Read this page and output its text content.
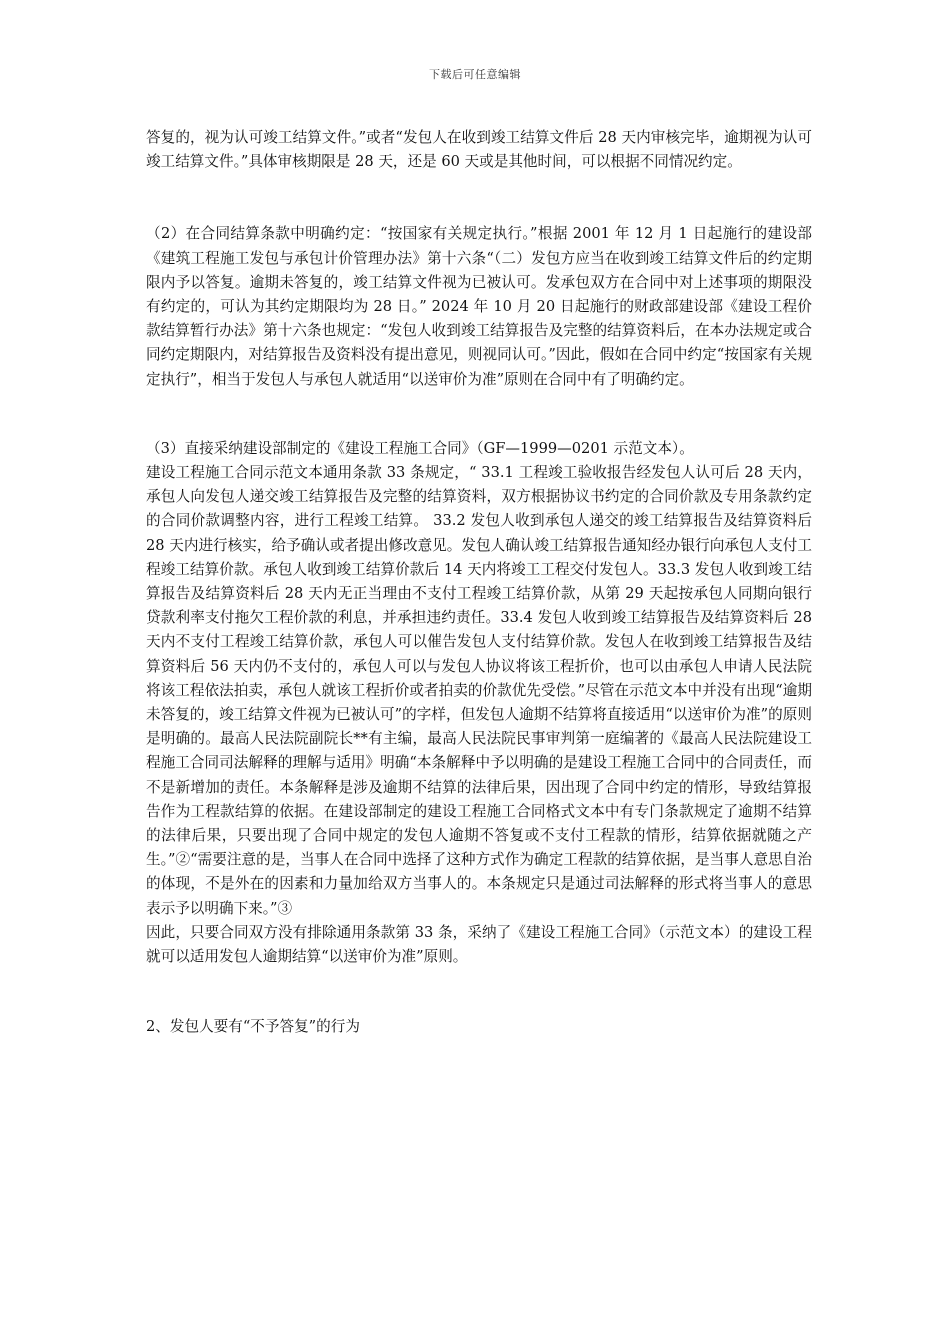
下载后可任意编辑

答复的，视为认可竣工结算文件。”或者“发包人在收到竣工结算文件后 28 天内审核完毕，逾期视为认可竣工结算文件。”具体审核期限是 28 天，还是 60 天或是其他时间，可以根据不同情况约定。

（2）在合同结算条款中明确约定：“按国家有关规定执行。”根据 2001 年 12 月 1 日起施行的建设部《建筑工程施工发包与承包计价管理办法》第十六条“（二）发包方应当在收到竣工结算文件后的约定期限内予以答复。逾期未答复的，竣工结算文件视为已被认可。发承包双方在合同中对上述事项的期限没有约定的，可认为其约定期限均为 28 日。” 2024 年 10 月 20 日起施行的财政部建设部《建设工程价款结算暂行办法》第十六条也规定：“发包人收到竣工结算报告及完整的结算资料后，在本办法规定或合同约定期限内，对结算报告及资料没有提出意见，则视同认可。”因此，假如在合同中约定“按国家有关规定执行”，相当于发包人与承包人就适用“以送审价为准”原则在合同中有了明确约定。

（3）直接采纳建设部制定的《建设工程施工合同》（GF—1999—0201 示范文本）。

建设工程施工合同示范文本通用条款 33 条规定，“ 33.1 工程竣工验收报告经发包人认可后 28 天内，承包人向发包人递交竣工结算报告及完整的结算资料，双方根据协议书约定的合同价款及专用条款约定的合同价款调整内容，进行工程竣工结算。 33.2 发包人收到承包人递交的竣工结算报告及结算资料后 28 天内进行核实，给予确认或者提出修改意见。发包人确认竣工结算报告通知经办银行向承包人支付工程竣工结算价款。承包人收到竣工结算价款后 14 天内将竣工工程交付发包人。33.3 发包人收到竣工结算报告及结算资料后 28 天内无正当理由不支付工程竣工结算价款，从第 29 天起按承包人同期向银行贷款利率支付拖欠工程价款的利息，并承担违约责任。33.4 发包人收到竣工结算报告及结算资料后 28 天内不支付工程竣工结算价款，承包人可以催告发包人支付结算价款。发包人在收到竣工结算报告及结算资料后 56 天内仍不支付的，承包人可以与发包人协议将该工程折价，也可以由承包人申请人民法院将该工程依法拍卖，承包人就该工程折价或者拍卖的价款优先受偿。”尽管在示范文本中并没有出现“逾期未答复的，竣工结算文件视为已被认可”的字样，但发包人逾期不结算将直接适用“以送审价为准”的原则是明确的。最高人民法院副院长**有主编，最高人民法院民事审判第一庭编著的《最高人民法院建设工程施工合同司法解释的理解与适用》明确“本条解释中予以明确的是建设工程施工合同中的合同责任，而不是新增加的责任。本条解释是涉及逾期不结算的法律后果，因出现了合同中约定的情形，导致结算报告作为工程款结算的依据。在建设部制定的建设工程施工合同格式文本中有专门条款规定了逾期不结算的法律后果，只要出现了合同中规定的发包人逾期不答复或不支付工程款的情形，结算依据就随之产生。”②“需要注意的是，当事人在合同中选择了这种方式作为确定工程款的结算依据，是当事人意思自治的体现，不是外在的因素和力量加给双方当事人的。本条规定只是通过司法解释的形式将当事人的意思表示予以明确下来。”③

因此，只要合同双方没有排除通用条款第 33 条，采纳了《建设工程施工合同》（示范文本）的建设工程就可以适用发包人逾期结算“以送审价为准”原则。

2、发包人要有“不予答复”的行为
